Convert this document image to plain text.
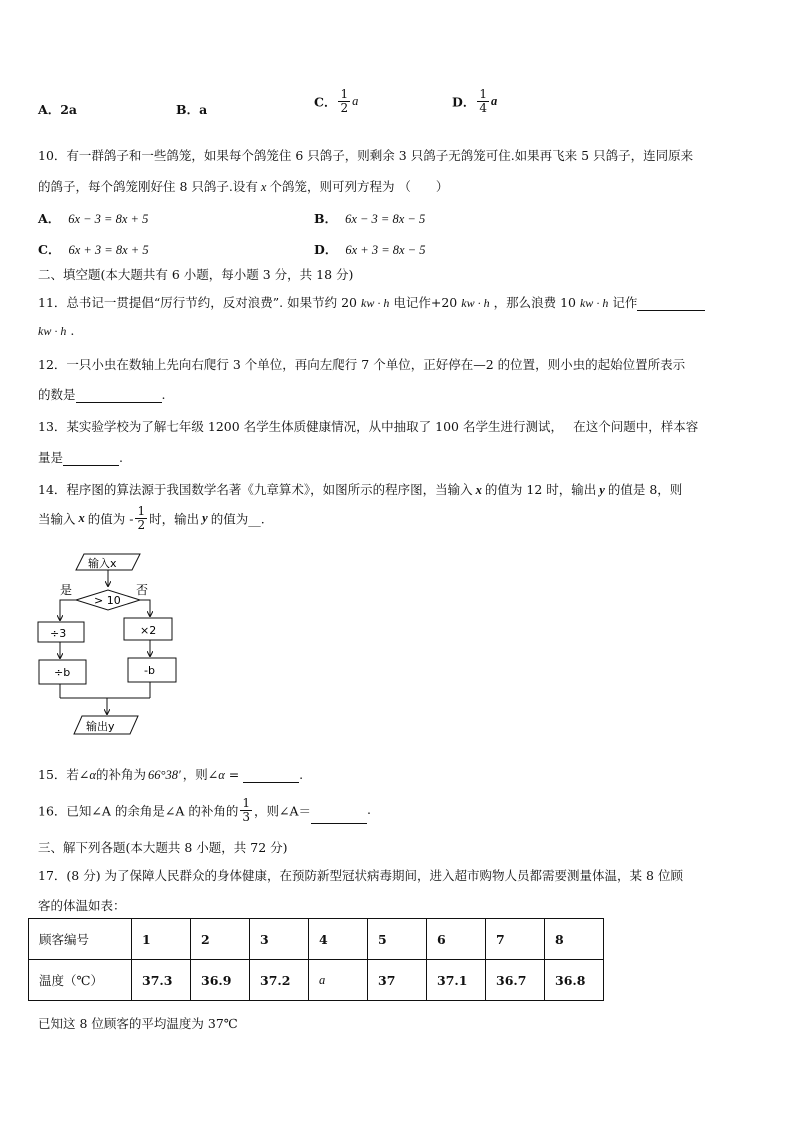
A．2a	B．a	C． $\frac{1}{2}$ a	D． $\frac{1}{4}$ a
10．有一群鸽子和一些鸽笼，如果每个鸽笼住 6 只鸽子，则剩余 3 只鸽子无鸽笼可住.如果再飞来 5 只鸽子，连同原来
的鸽子，每个鸽笼刚好住 8 只鸽子.设有 x 个鸽笼，则可列方程为 （　　）
A． 6x − 3 = 8x + 5	B． 6x − 3 = 8x − 5
C． 6x + 3 = 8x + 5	D． 6x + 3 = 8x − 5
二、填空题(本大题共有 6 小题，每小题 3 分，共 18 分)
11．总书记一贯提倡“厉行节约，反对浪费”. 如果节约 20 kw · h 电记作+20 kw · h ，那么浪费 10 kw · h 记作
kw · h .
12．一只小虫在数轴上先向右爬行 3 个单位，再向左爬行 7 个单位，正好停在—2 的位置，则小虫的起始位置所表示
的数是	.
13．某实验学校为了解七年级 1200 名学生体质健康情况，从中抽取了 100 名学生进行测试，　 在这个问题中，样本容
量是	.
14．程序图的算法源于我国数学名著《九章算术》，如图所示的程序图，当输入 x 的值为 12 时，输出 y 的值是 8，则
当输入 x 的值为 - $\frac{1}{2}$ 时，输出 y 的值为__.
输入x
> 10
是	否
÷3	×2
÷b	-b
输出y
15．若∠α的补角为 66°38′ ，则∠α =	.
16．已知∠A 的余角是∠A 的补角的 $\frac{1}{3}$ ，则∠A＝	.
三、解下列各题(本大题共 8 小题，共 72 分)
17．(8 分) 为了保障人民群众的身体健康，在预防新型冠状病毒期间，进入超市购物人员都需要测量体温，某 8 位顾
客的体温如表：
顾客编号	1	2	3	4	5	6	7	8
温度（℃）	37.3	36.9	37.2	a	37	37.1	36.7	36.8
已知这 8 位顾客的平均温度为 37℃
